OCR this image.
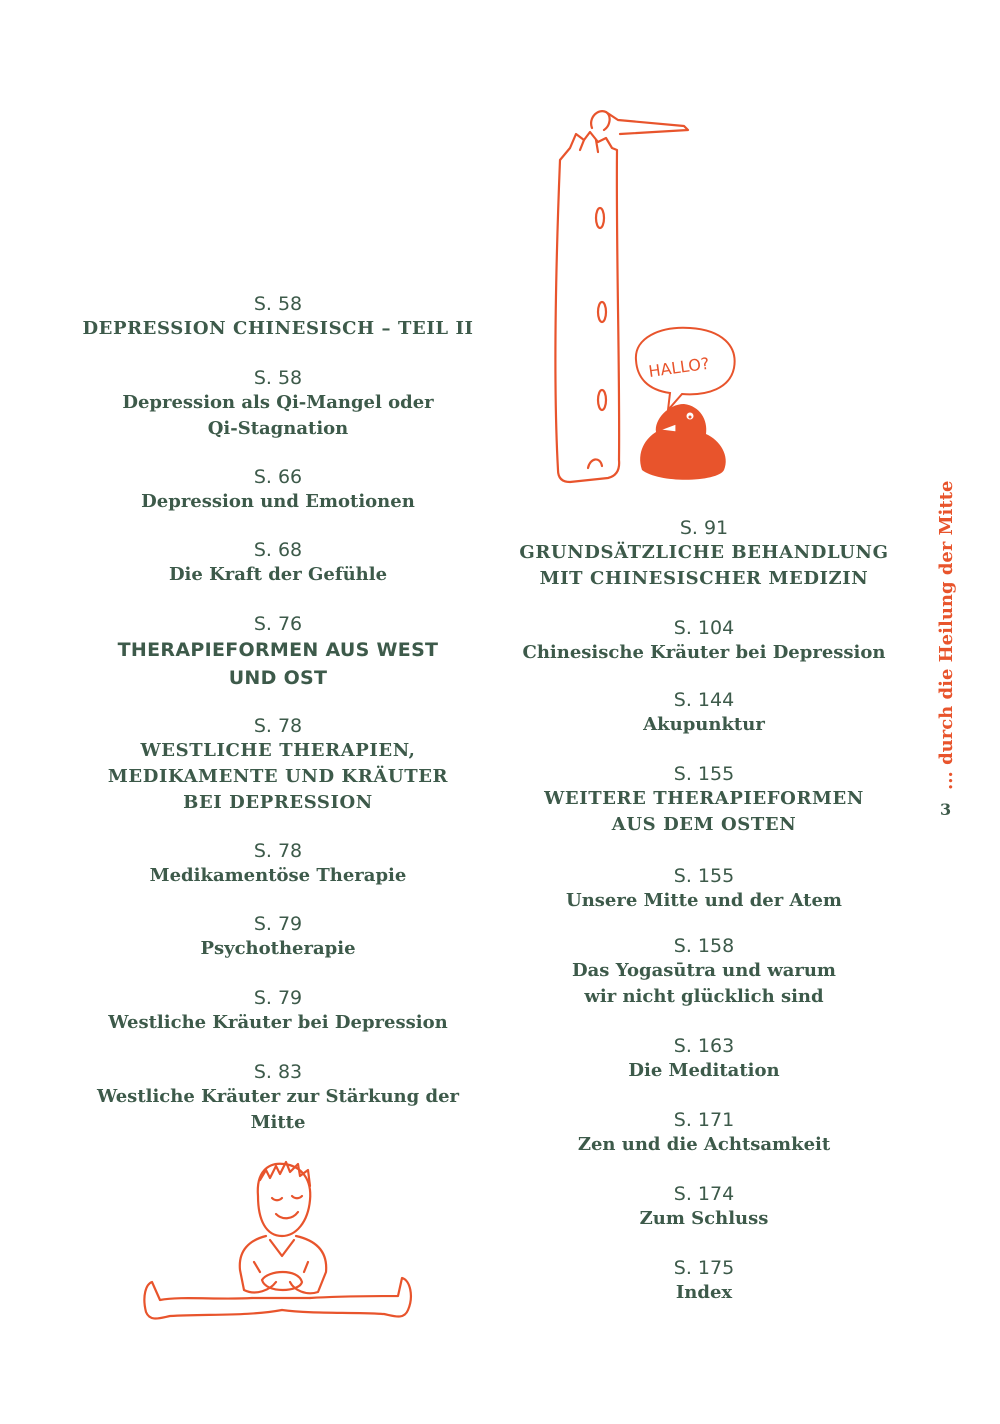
HALLO?
S. 58
DEPRESSION CHINESISCH – TEIL II
S. 58
Depression als Qi-Mangel oder
Qi-Stagnation
S. 66
Depression und Emotionen
S. 68
Die Kraft der Gefühle
S. 76
THERAPIEFORMEN AUS WEST
UND OST
S. 78
WESTLICHE THERAPIEN,
MEDIKAMENTE UND KRÄUTER
BEI DEPRESSION
S. 78
Medikamentöse Therapie
S. 79
Psychotherapie
S. 79
Westliche Kräuter bei Depression
S. 83
Westliche Kräuter zur Stärkung der
Mitte
S. 91
GRUNDSÄTZLICHE BEHANDLUNG
MIT CHINESISCHER MEDIZIN
S. 104
Chinesische Kräuter bei Depression
S. 144
Akupunktur
S. 155
WEITERE THERAPIEFORMEN
AUS DEM OSTEN
S. 155
Unsere Mitte und der Atem
S. 158
Das Yogasūtra und warum
wir nicht glücklich sind
S. 163
Die Meditation
S. 171
Zen und die Achtsamkeit
S. 174
Zum Schluss
S. 175
Index
... durch die Heilung der Mitte
3
